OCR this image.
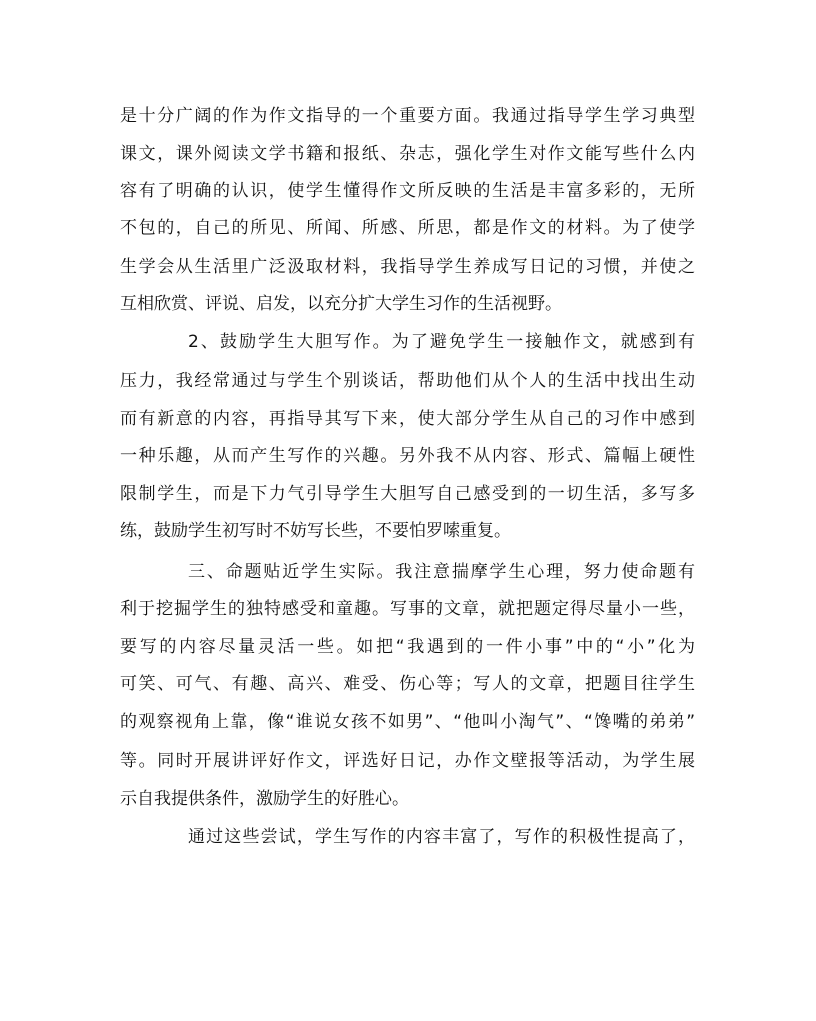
是十分广阔的作为作文指导的一个重要方面。我通过指导学生学习典型
课文，课外阅读文学书籍和报纸、杂志，强化学生对作文能写些什么内
容有了明确的认识，使学生懂得作文所反映的生活是丰富多彩的，无所
不包的，自己的所见、所闻、所感、所思，都是作文的材料。为了使学
生学会从生活里广泛汲取材料，我指导学生养成写日记的习惯，并使之
互相欣赏、评说、启发，以充分扩大学生习作的生活视野。
2、鼓励学生大胆写作。为了避免学生一接触作文，就感到有
压力，我经常通过与学生个别谈话，帮助他们从个人的生活中找出生动
而有新意的内容，再指导其写下来，使大部分学生从自己的习作中感到
一种乐趣，从而产生写作的兴趣。另外我不从内容、形式、篇幅上硬性
限制学生，而是下力气引导学生大胆写自己感受到的一切生活，多写多
练，鼓励学生初写时不妨写长些，不要怕罗嗦重复。
三、命题贴近学生实际。我注意揣摩学生心理，努力使命题有
利于挖掘学生的独特感受和童趣。写事的文章，就把题定得尽量小一些，
要写的内容尽量灵活一些。如把“我遇到的一件小事”中的“小”化为
可笑、可气、有趣、高兴、难受、伤心等；写人的文章，把题目往学生
的观察视角上靠，像“谁说女孩不如男”、“他叫小淘气”、“馋嘴的弟弟”
等。同时开展讲评好作文，评选好日记，办作文壁报等活动，为学生展
示自我提供条件，激励学生的好胜心。
通过这些尝试，学生写作的内容丰富了，写作的积极性提高了，
